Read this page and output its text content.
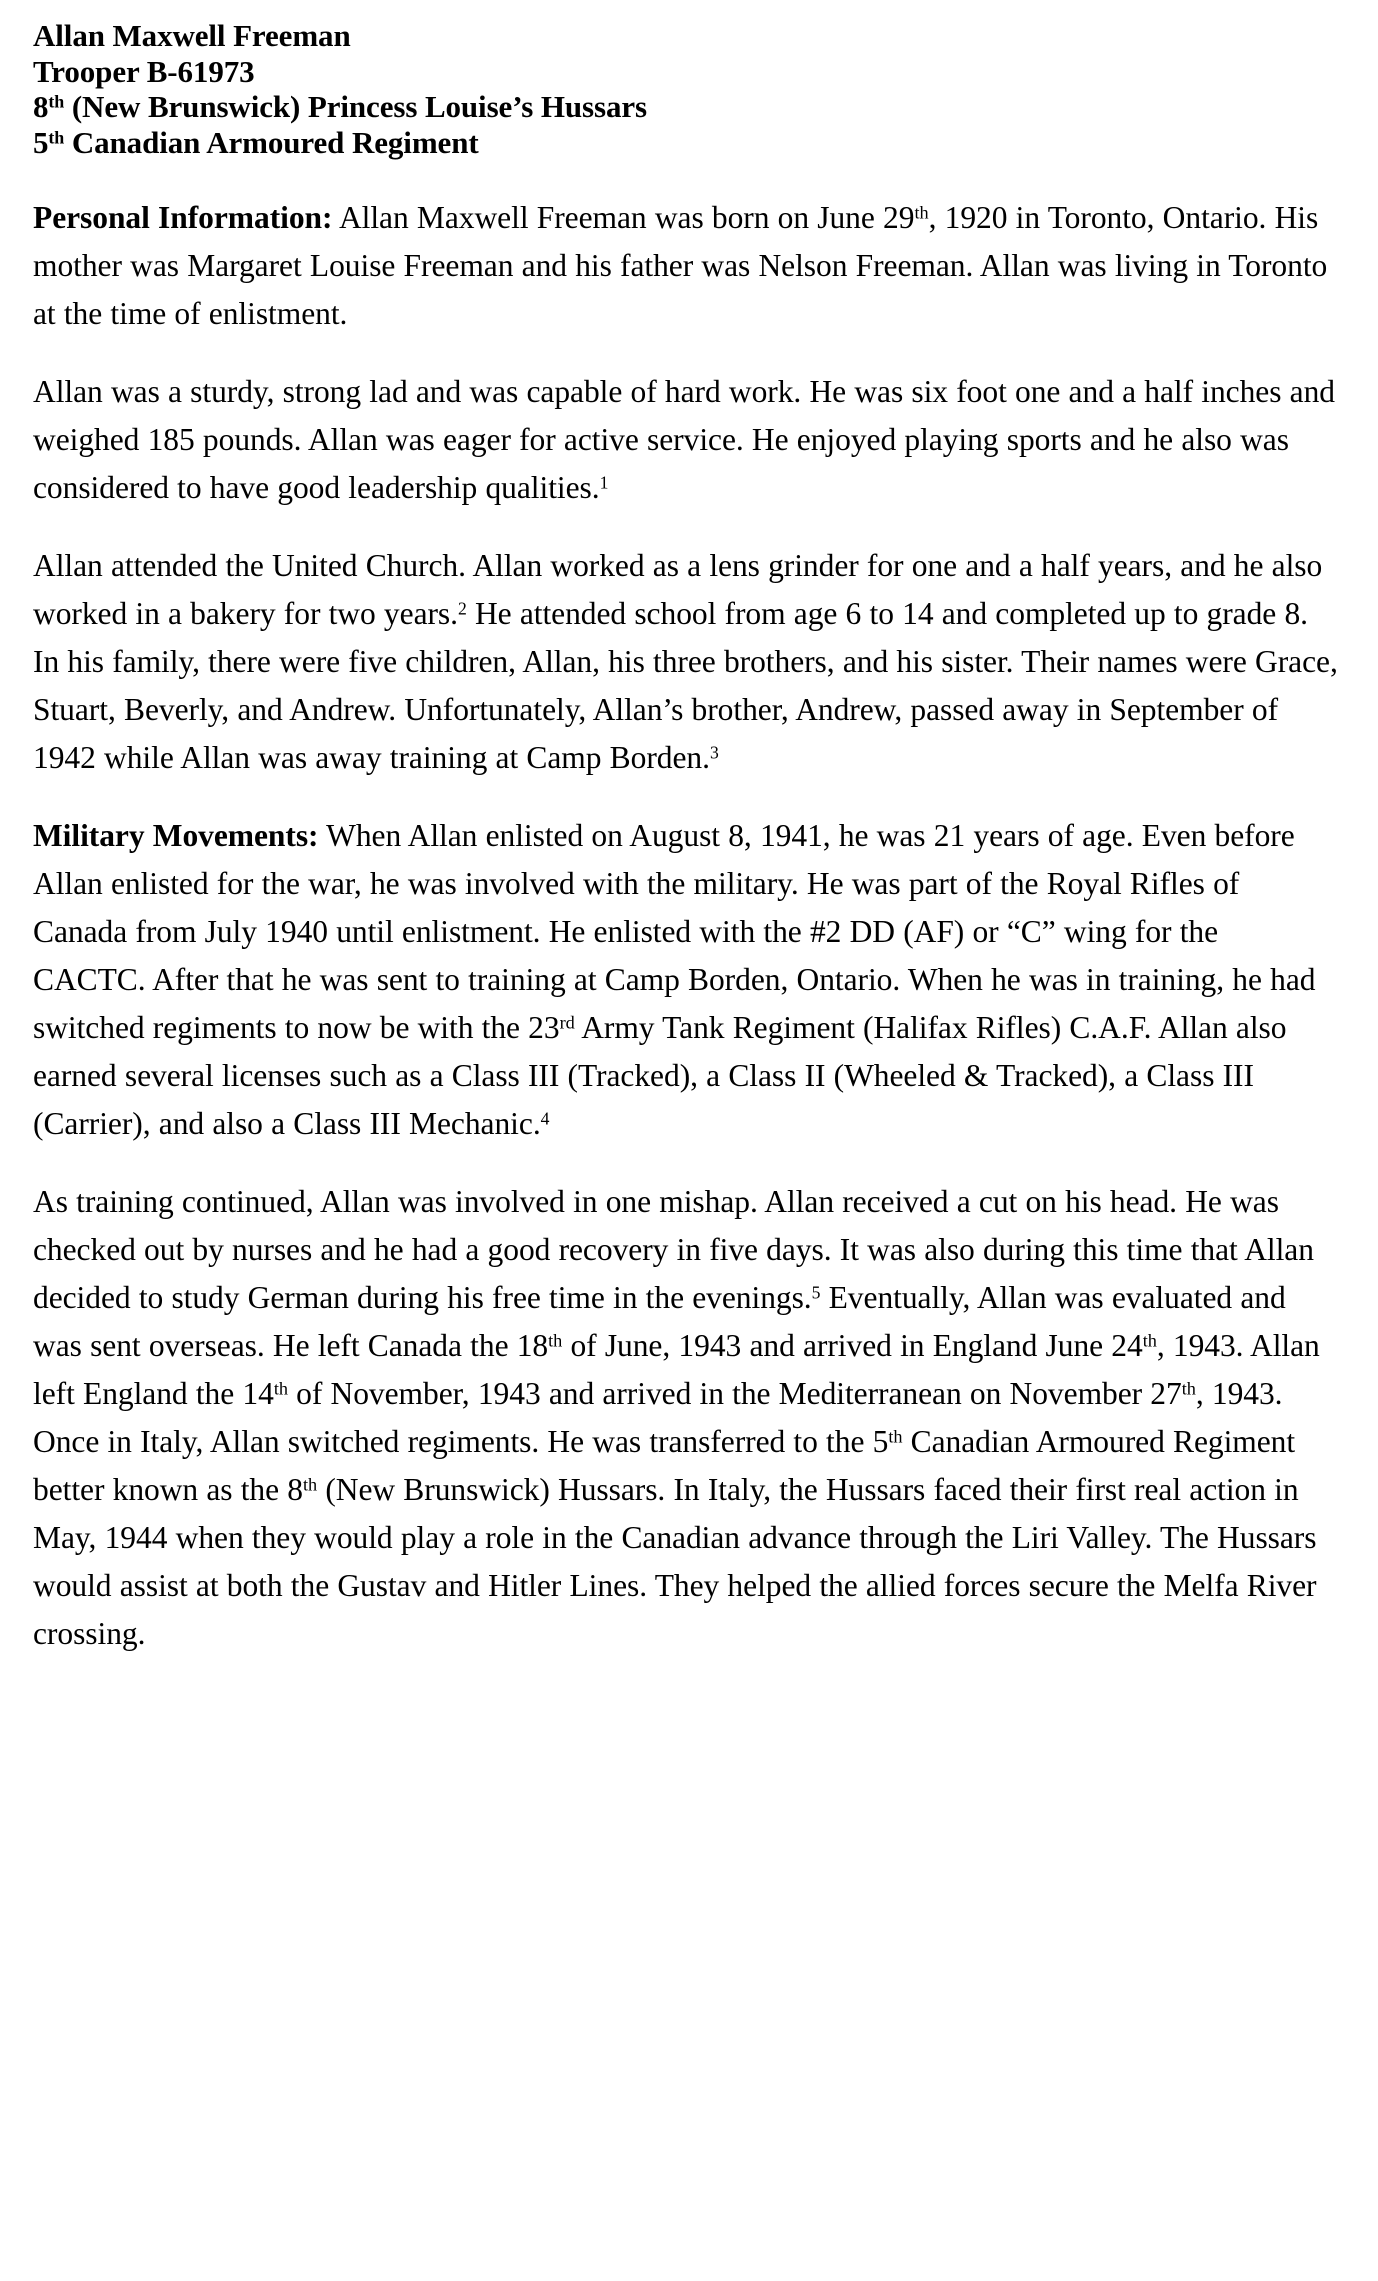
Allan Maxwell Freeman
Trooper B-61973
8th (New Brunswick) Princess Louise’s Hussars
5th Canadian Armoured Regiment

Personal Information: Allan Maxwell Freeman was born on June 29th, 1920 in Toronto, Ontario. His mother was Margaret Louise Freeman and his father was Nelson Freeman. Allan was living in Toronto at the time of enlistment.

Allan was a sturdy, strong lad and was capable of hard work. He was six foot one and a half inches and weighed 185 pounds. Allan was eager for active service. He enjoyed playing sports and he also was considered to have good leadership qualities.$^1$

Allan attended the United Church. Allan worked as a lens grinder for one and a half years, and he also worked in a bakery for two years.$^2$ He attended school from age 6 to 14 and completed up to grade 8. In his family, there were five children, Allan, his three brothers, and his sister. Their names were Grace, Stuart, Beverly, and Andrew. Unfortunately, Allan’s brother, Andrew, passed away in September of 1942 while Allan was away training at Camp Borden.$^3$

Military Movements: When Allan enlisted on August 8, 1941, he was 21 years of age. Even before Allan enlisted for the war, he was involved with the military. He was part of the Royal Rifles of Canada from July 1940 until enlistment. He enlisted with the #2 DD (AF) or “C” wing for the CACTC. After that he was sent to training at Camp Borden, Ontario. When he was in training, he had switched regiments to now be with the 23rd Army Tank Regiment (Halifax Rifles) C.A.F. Allan also earned several licenses such as a Class III (Tracked), a Class II (Wheeled & Tracked), a Class III (Carrier), and also a Class III Mechanic.$^4$

As training continued, Allan was involved in one mishap. Allan received a cut on his head. He was checked out by nurses and he had a good recovery in five days. It was also during this time that Allan decided to study German during his free time in the evenings.$^5$ Eventually, Allan was evaluated and was sent overseas. He left Canada the 18th of June, 1943 and arrived in England June 24th, 1943. Allan left England the 14th of November, 1943 and arrived in the Mediterranean on November 27th, 1943. Once in Italy, Allan switched regiments. He was transferred to the 5th Canadian Armoured Regiment better known as the 8th (New Brunswick) Hussars. In Italy, the Hussars faced their first real action in May, 1944 when they would play a role in the Canadian advance through the Liri Valley. The Hussars would assist at both the Gustav and Hitler Lines. They helped the allied forces secure the Melfa River crossing.
